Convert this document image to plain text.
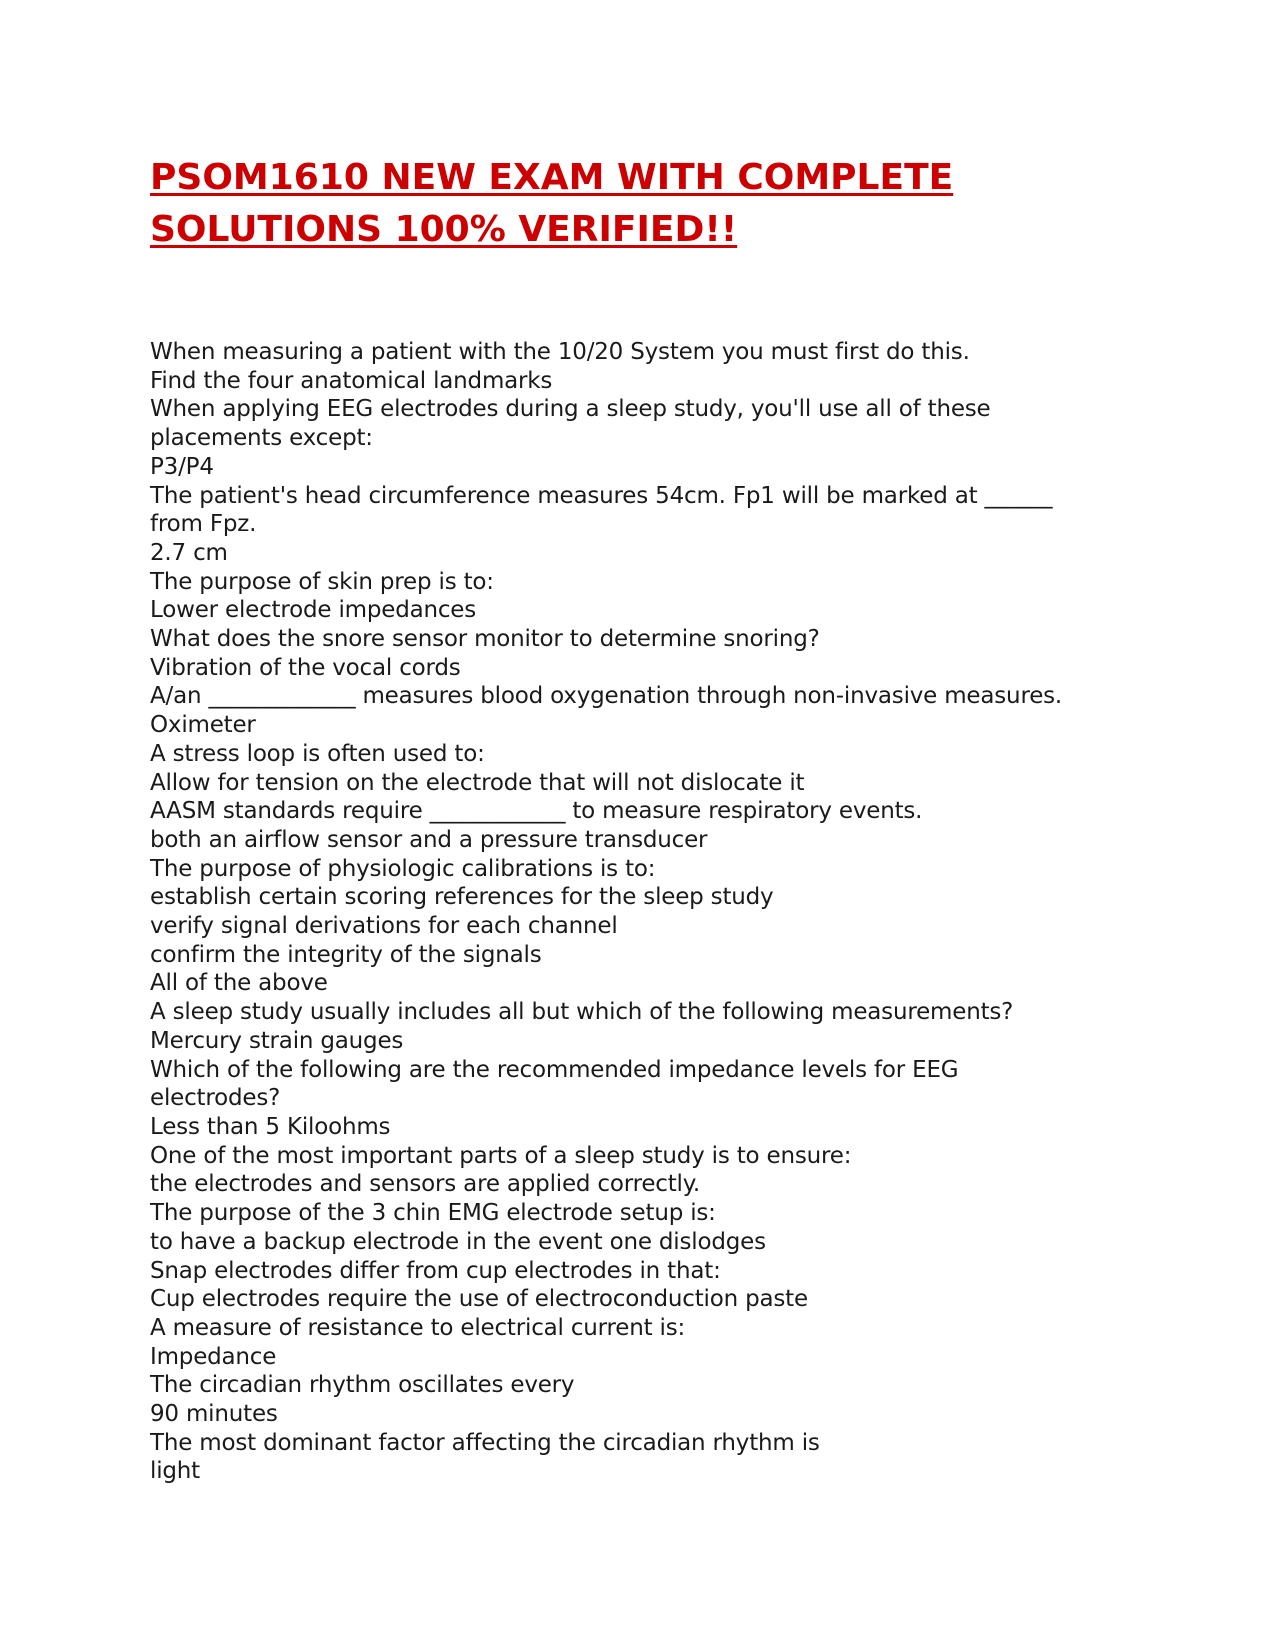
PSOM1610 NEW EXAM WITH COMPLETE
SOLUTIONS 100% VERIFIED!!
When measuring a patient with the 10/20 System you must first do this.
Find the four anatomical landmarks
When applying EEG electrodes during a sleep study, you'll use all of these
placements except:
P3/P4
The patient's head circumference measures 54cm. Fp1 will be marked at ______
from Fpz.
2.7 cm
The purpose of skin prep is to:
Lower electrode impedances
What does the snore sensor monitor to determine snoring?
Vibration of the vocal cords
A/an _____________ measures blood oxygenation through non-invasive measures.
Oximeter
A stress loop is often used to:
Allow for tension on the electrode that will not dislocate it
AASM standards require ____________ to measure respiratory events.
both an airflow sensor and a pressure transducer
The purpose of physiologic calibrations is to:
establish certain scoring references for the sleep study
verify signal derivations for each channel
confirm the integrity of the signals
All of the above
A sleep study usually includes all but which of the following measurements?
Mercury strain gauges
Which of the following are the recommended impedance levels for EEG
electrodes?
Less than 5 Kiloohms
One of the most important parts of a sleep study is to ensure:
the electrodes and sensors are applied correctly.
The purpose of the 3 chin EMG electrode setup is:
to have a backup electrode in the event one dislodges
Snap electrodes differ from cup electrodes in that:
Cup electrodes require the use of electroconduction paste
A measure of resistance to electrical current is:
Impedance
The circadian rhythm oscillates every
90 minutes
The most dominant factor affecting the circadian rhythm is
light
